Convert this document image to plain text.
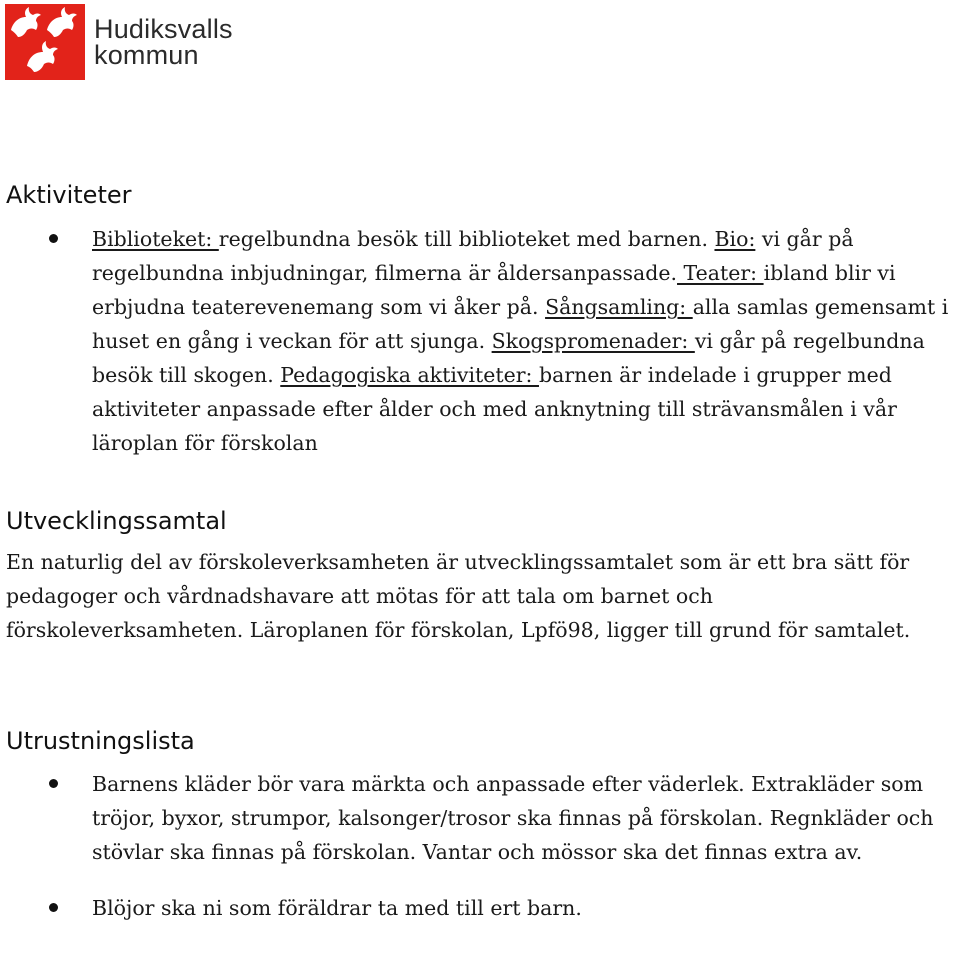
Hudiksvalls
kommun
Aktiviteter
Biblioteket: regelbundna besök till biblioteket med barnen. Bio: vi går på regelbundna inbjudningar, filmerna är åldersanpassade. Teater: ibland blir vi erbjudna teaterevenemang som vi åker på. Sångsamling: alla samlas gemensamt i huset en gång i veckan för att sjunga. Skogspromenader: vi går på regelbundna besök till skogen. Pedagogiska aktiviteter: barnen är indelade i grupper med aktiviteter anpassade efter ålder och med anknytning till strävansmålen i vår läroplan för förskolan
Utvecklingssamtal

En naturlig del av förskoleverksamheten är utvecklingssamtalet som är ett bra sätt för pedagoger och vårdnadshavare att mötas för att tala om barnet och förskoleverksamheten. Läroplanen för förskolan, Lpfö98, ligger till grund för samtalet.

Utrustningslista
Barnens kläder bör vara märkta och anpassade efter väderlek. Extrakläder som tröjor, byxor, strumpor, kalsonger/trosor ska finnas på förskolan. Regnkläder och stövlar ska finnas på förskolan. Vantar och mössor ska det finnas extra av.
Blöjor ska ni som föräldrar ta med till ert barn.
